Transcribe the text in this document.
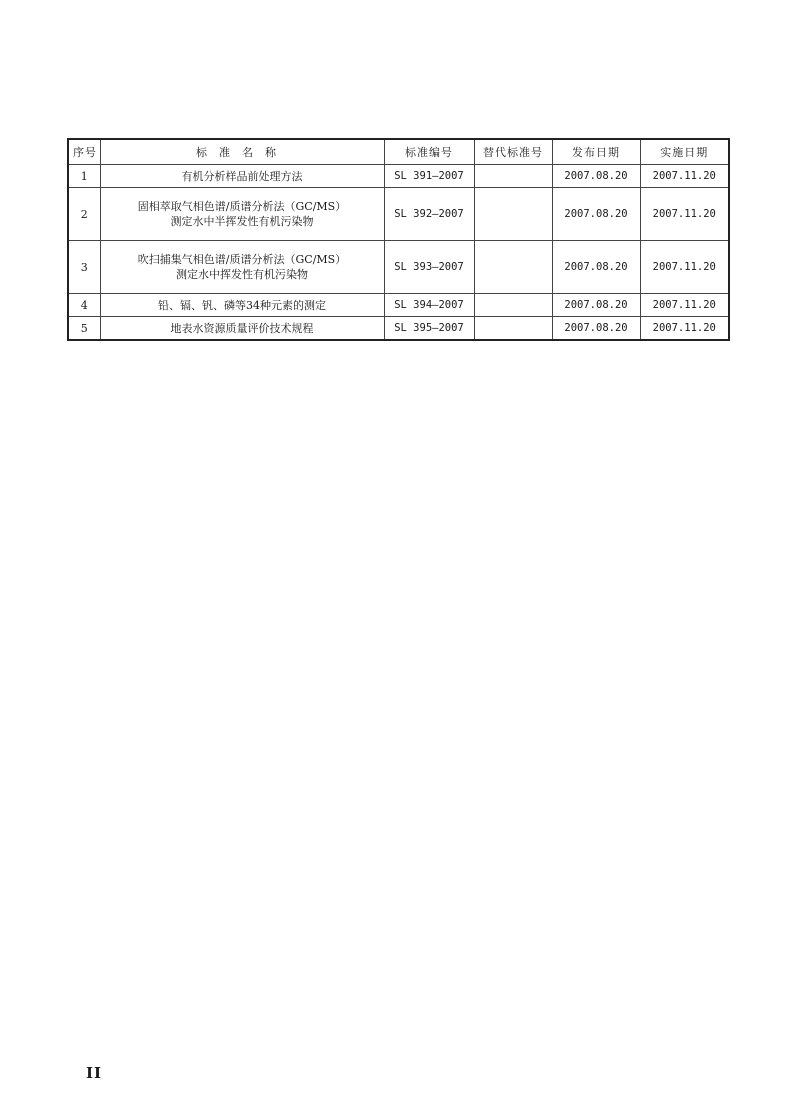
序号	标准名称	标准编号	替代标准号	发布日期	实施日期
1	有机分析样品前处理方法	SL 391—2007		2007.08.20	2007.11.20
2	固相萃取气相色谱/质谱分析法（GC/MS）
测定水中半挥发性有机污染物	SL 392—2007		2007.08.20	2007.11.20
3	吹扫捕集气相色谱/质谱分析法（GC/MS）
测定水中挥发性有机污染物	SL 393—2007		2007.08.20	2007.11.20
4	铅、镉、钒、磷等34种元素的测定	SL 394—2007		2007.08.20	2007.11.20
5	地表水资源质量评价技术规程	SL 395—2007		2007.08.20	2007.11.20
II
